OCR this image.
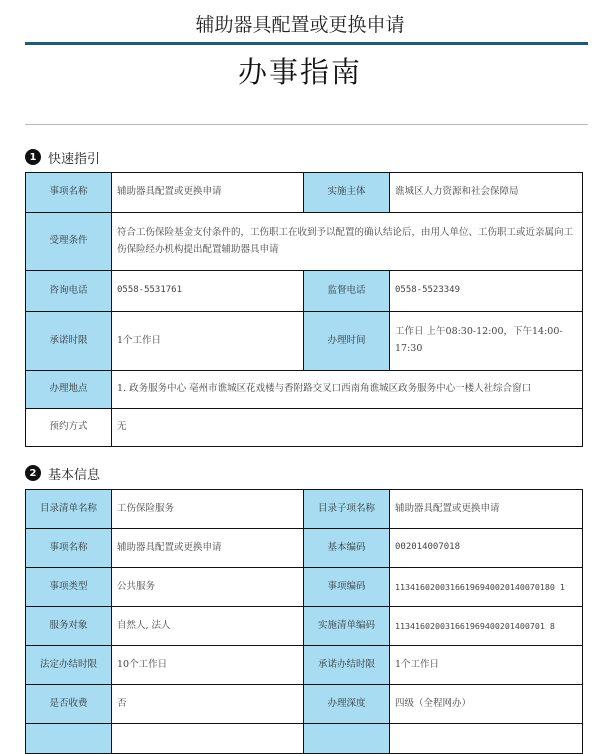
辅助器具配置或更换申请
办事指南
1 快速指引
事项名称	辅助器具配置或更换申请	实施主体	谯城区人力资源和社会保障局
受理条件	符合工伤保险基金支付条件的，工伤职工在收到予以配置的确认结论后，由用人单位、工伤职工或近亲属向工伤保险经办机构提出配置辅助器具申请		
咨询电话	0558-5531761	监督电话	0558-5523349
承诺时限	1个工作日	办理时间	工作日 上午08:30-12:00，下午14:00-17:30
办理地点	1. 政务服务中心 亳州市谯城区花戏楼与香附路交叉口西南角谯城区政务服务中心一楼人社综合窗口		
预约方式	无		
2 基本信息
目录清单名称	工伤保险服务	目录子项名称	辅助器具配置或更换申请
事项名称	辅助器具配置或更换申请	基本编码	002014007018
事项类型	公共服务	事项编码	11341602003166196940020140070180 1
服务对象	自然人, 法人	实施清单编码	113416020031661969400201400701 8
法定办结时限	10个工作日	承诺办结时限	1个工作日
是否收费	否	办理深度	四级（全程网办）
